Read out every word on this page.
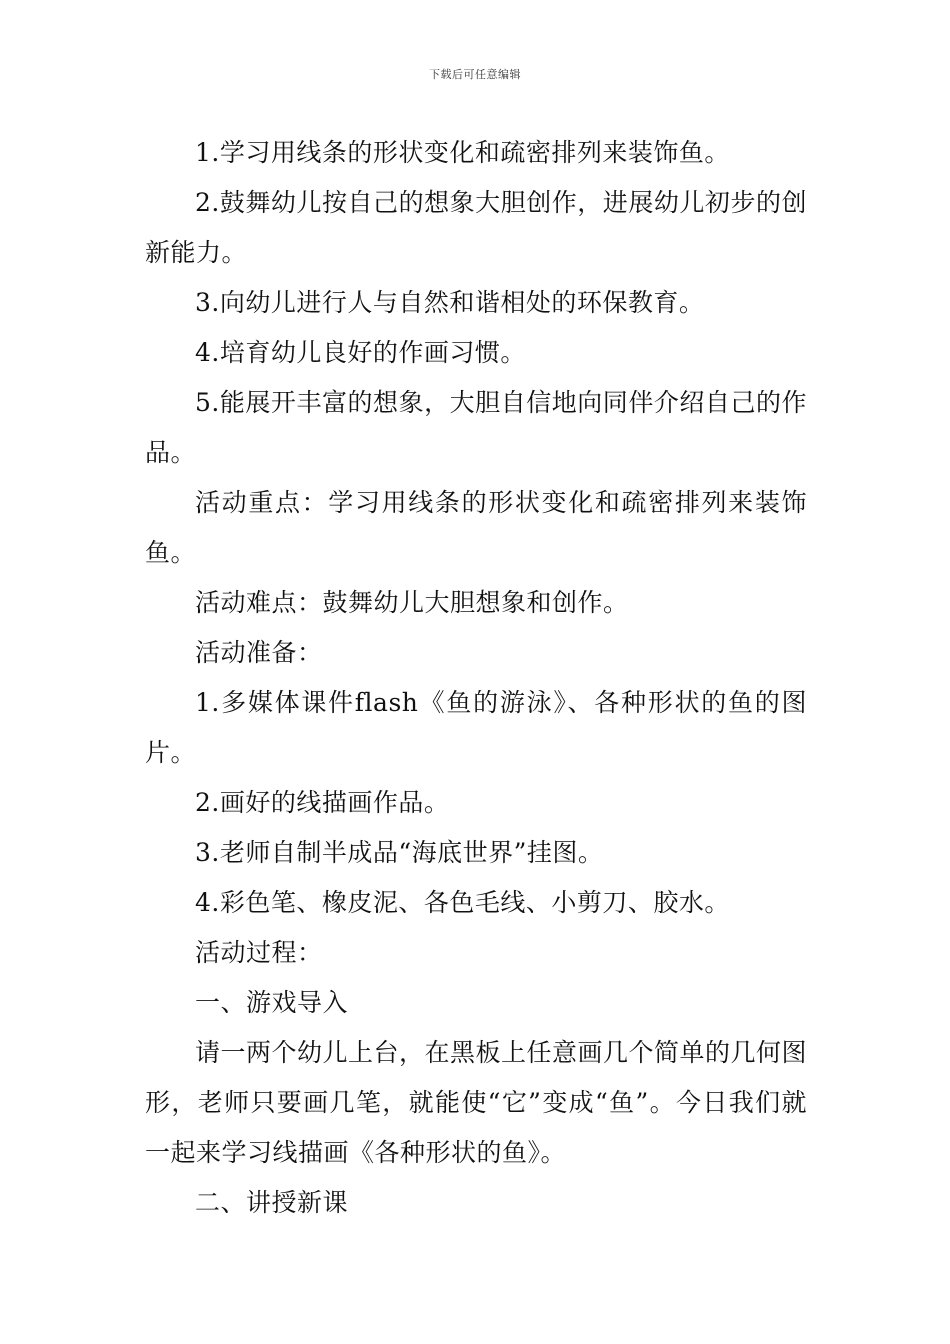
下载后可任意编辑

1.学习用线条的形状变化和疏密排列来装饰鱼。

2.鼓舞幼儿按自己的想象大胆创作，进展幼儿初步的创新能力。

3.向幼儿进行人与自然和谐相处的环保教育。

4.培育幼儿良好的作画习惯。

5.能展开丰富的想象，大胆自信地向同伴介绍自己的作品。

活动重点：学习用线条的形状变化和疏密排列来装饰鱼。

活动难点：鼓舞幼儿大胆想象和创作。

活动准备：

1.多媒体课件flash《鱼的游泳》、各种形状的鱼的图片。

2.画好的线描画作品。

3.老师自制半成品“海底世界”挂图。

4.彩色笔、橡皮泥、各色毛线、小剪刀、胶水。

活动过程：

一、游戏导入

请一两个幼儿上台，在黑板上任意画几个简单的几何图形，老师只要画几笔，就能使“它”变成“鱼”。今日我们就一起来学习线描画《各种形状的鱼》。

二、讲授新课
